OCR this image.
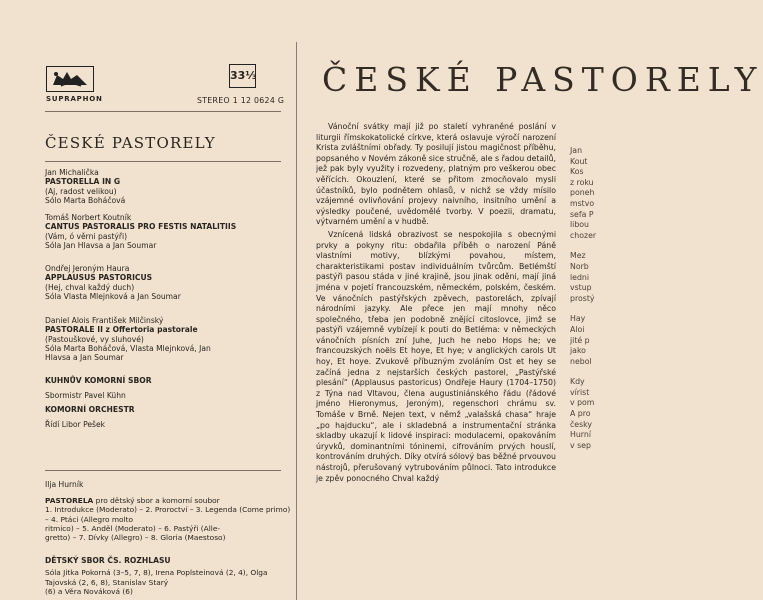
SUPRAPHON
33⅓
STEREO 1 12 0624 G
ČESKÉ PASTORELY
Jan Michalička
PASTORELLA IN G
(Aj, radost velikou)
Sólo Marta Boháčová
Tomáš Norbert Koutník
CANTUS PASTORALIS PRO FESTIS NATALITIIS
(Vám, ó věrni pastýři)
Sóla Jan Hlavsa a Jan Soumar
Ondřej Jeroným Haura
APPLAUSUS PASTORICUS
(Hej, chval každý duch)
Sóla Vlasta Mlejnková a Jan Soumar
Daniel Alois František Milčinský
PASTORALE II z Offertoria pastorale
(Pastouškové, vy sluhové)
Sóla Marta Boháčová, Vlasta Mlejnková, Jan
Hlavsa a Jan Soumar
KUHNŮV KOMORNÍ SBOR
Sbormistr Pavel Kühn
KOMORNÍ ORCHESTR
Řídí Libor Pešek
Ilja Hurník
PASTORELA pro dětský sbor a komorní soubor
1. Introdukce (Moderato) – 2. Proroctví – 3. Legenda (Come primo) – 4. Ptáci (Allegro molto
ritmico) – 5. Anděl (Moderato) – 6. Pastýři (Alle-
gretto) – 7. Dívky (Allegro) – 8. Gloria (Maestoso)
DĚTSKÝ SBOR ČS. ROZHLASU
Sóla Jitka Pokorná (3–5, 7, 8), Irena Poplsteinová (2, 4), Olga Tajovská (2, 6, 8), Stanislav Starý
(6) a Věra Nováková (6)
ČESKÉ PASTORELY

Vánoční svátky mají již po staletí vyhraněné poslání v liturgii římskokatolické církve, která oslavuje výročí narození Krista zvláštními obřady. Ty posilují jistou magičnost příběhu, popsaného v Novém zákoně sice stručně, ale s řadou detailů, jež pak byly využity i rozvedeny, platným pro veškerou obec věřících. Okouzlení, které se přitom zmocňovalo mysli účastníků, bylo podnětem ohlasů, v nichž se vždy mísilo vzájemné ovlivňování projevy naivního, insitního umění a výsledky poučené, uvědomělé tvorby. V poezii, dramatu, výtvarném umění a v hudbě.

Vznícená lidská obrazivost se nespokojila s obecnými prvky a pokyny ritu: obdařila příběh o narození Páně vlastními motivy, blízkými povahou, místem, charakteristikami postav individuálním tvůrcům. Betlémští pastýři pasou stáda v jiné krajině, jsou jinak oděni, mají jiná jména v pojetí francouzském, německém, polském, českém. Ve vánočních pastýřských zpěvech, pastorelách, zpívají národními jazyky. Ale přece jen mají mnohy něco společného, třeba jen podobně znějící citoslovce, jimž se pastýři vzájemně vybízejí k pouti do Betléma: v německých vánočních písních zní Juhe, Juch he nebo Hops he; ve francouzských noëls Et hoye, Et hye; v anglických carols Ut hoy, Et hoye. Zvukově příbuzným zvoláním Ost et hey se začíná jedna z nejstarších českých pastorel, „Pastýřské plesání“ (Applausus pastoricus) Ondřeje Haury (1704–1750) z Týna nad Vltavou, člena augustiniánského řádu (řádové jméno Hieronymus, Jeroným), regenschori chrámu sv. Tomáše v Brně. Nejen text, v němž „valašská chasa“ hraje „po hajducku“, ale i skladebná a instrumentační stránka skladby ukazují k lidové inspiraci: modulacemi, opakováním úryvků, dominantními tóninemi, cifrováním prvých houslí, kontrováním druhých. Díky otvírá sólový bas běžné prvouvou nástrojů, přerušovaný vytrubováním půlnoci. Tato introdukce je zpěv ponocného Chval každý

Jan
Kout
Kos
z roku
poneh
mstvo
sefa P
libou
chozer
Mez
Norb
ledni
vstup
prostý
Hay
Aloi
jité p
jako
nebol
Kdy
vírist
v pom
A pro
česky
Hurní
v sep
